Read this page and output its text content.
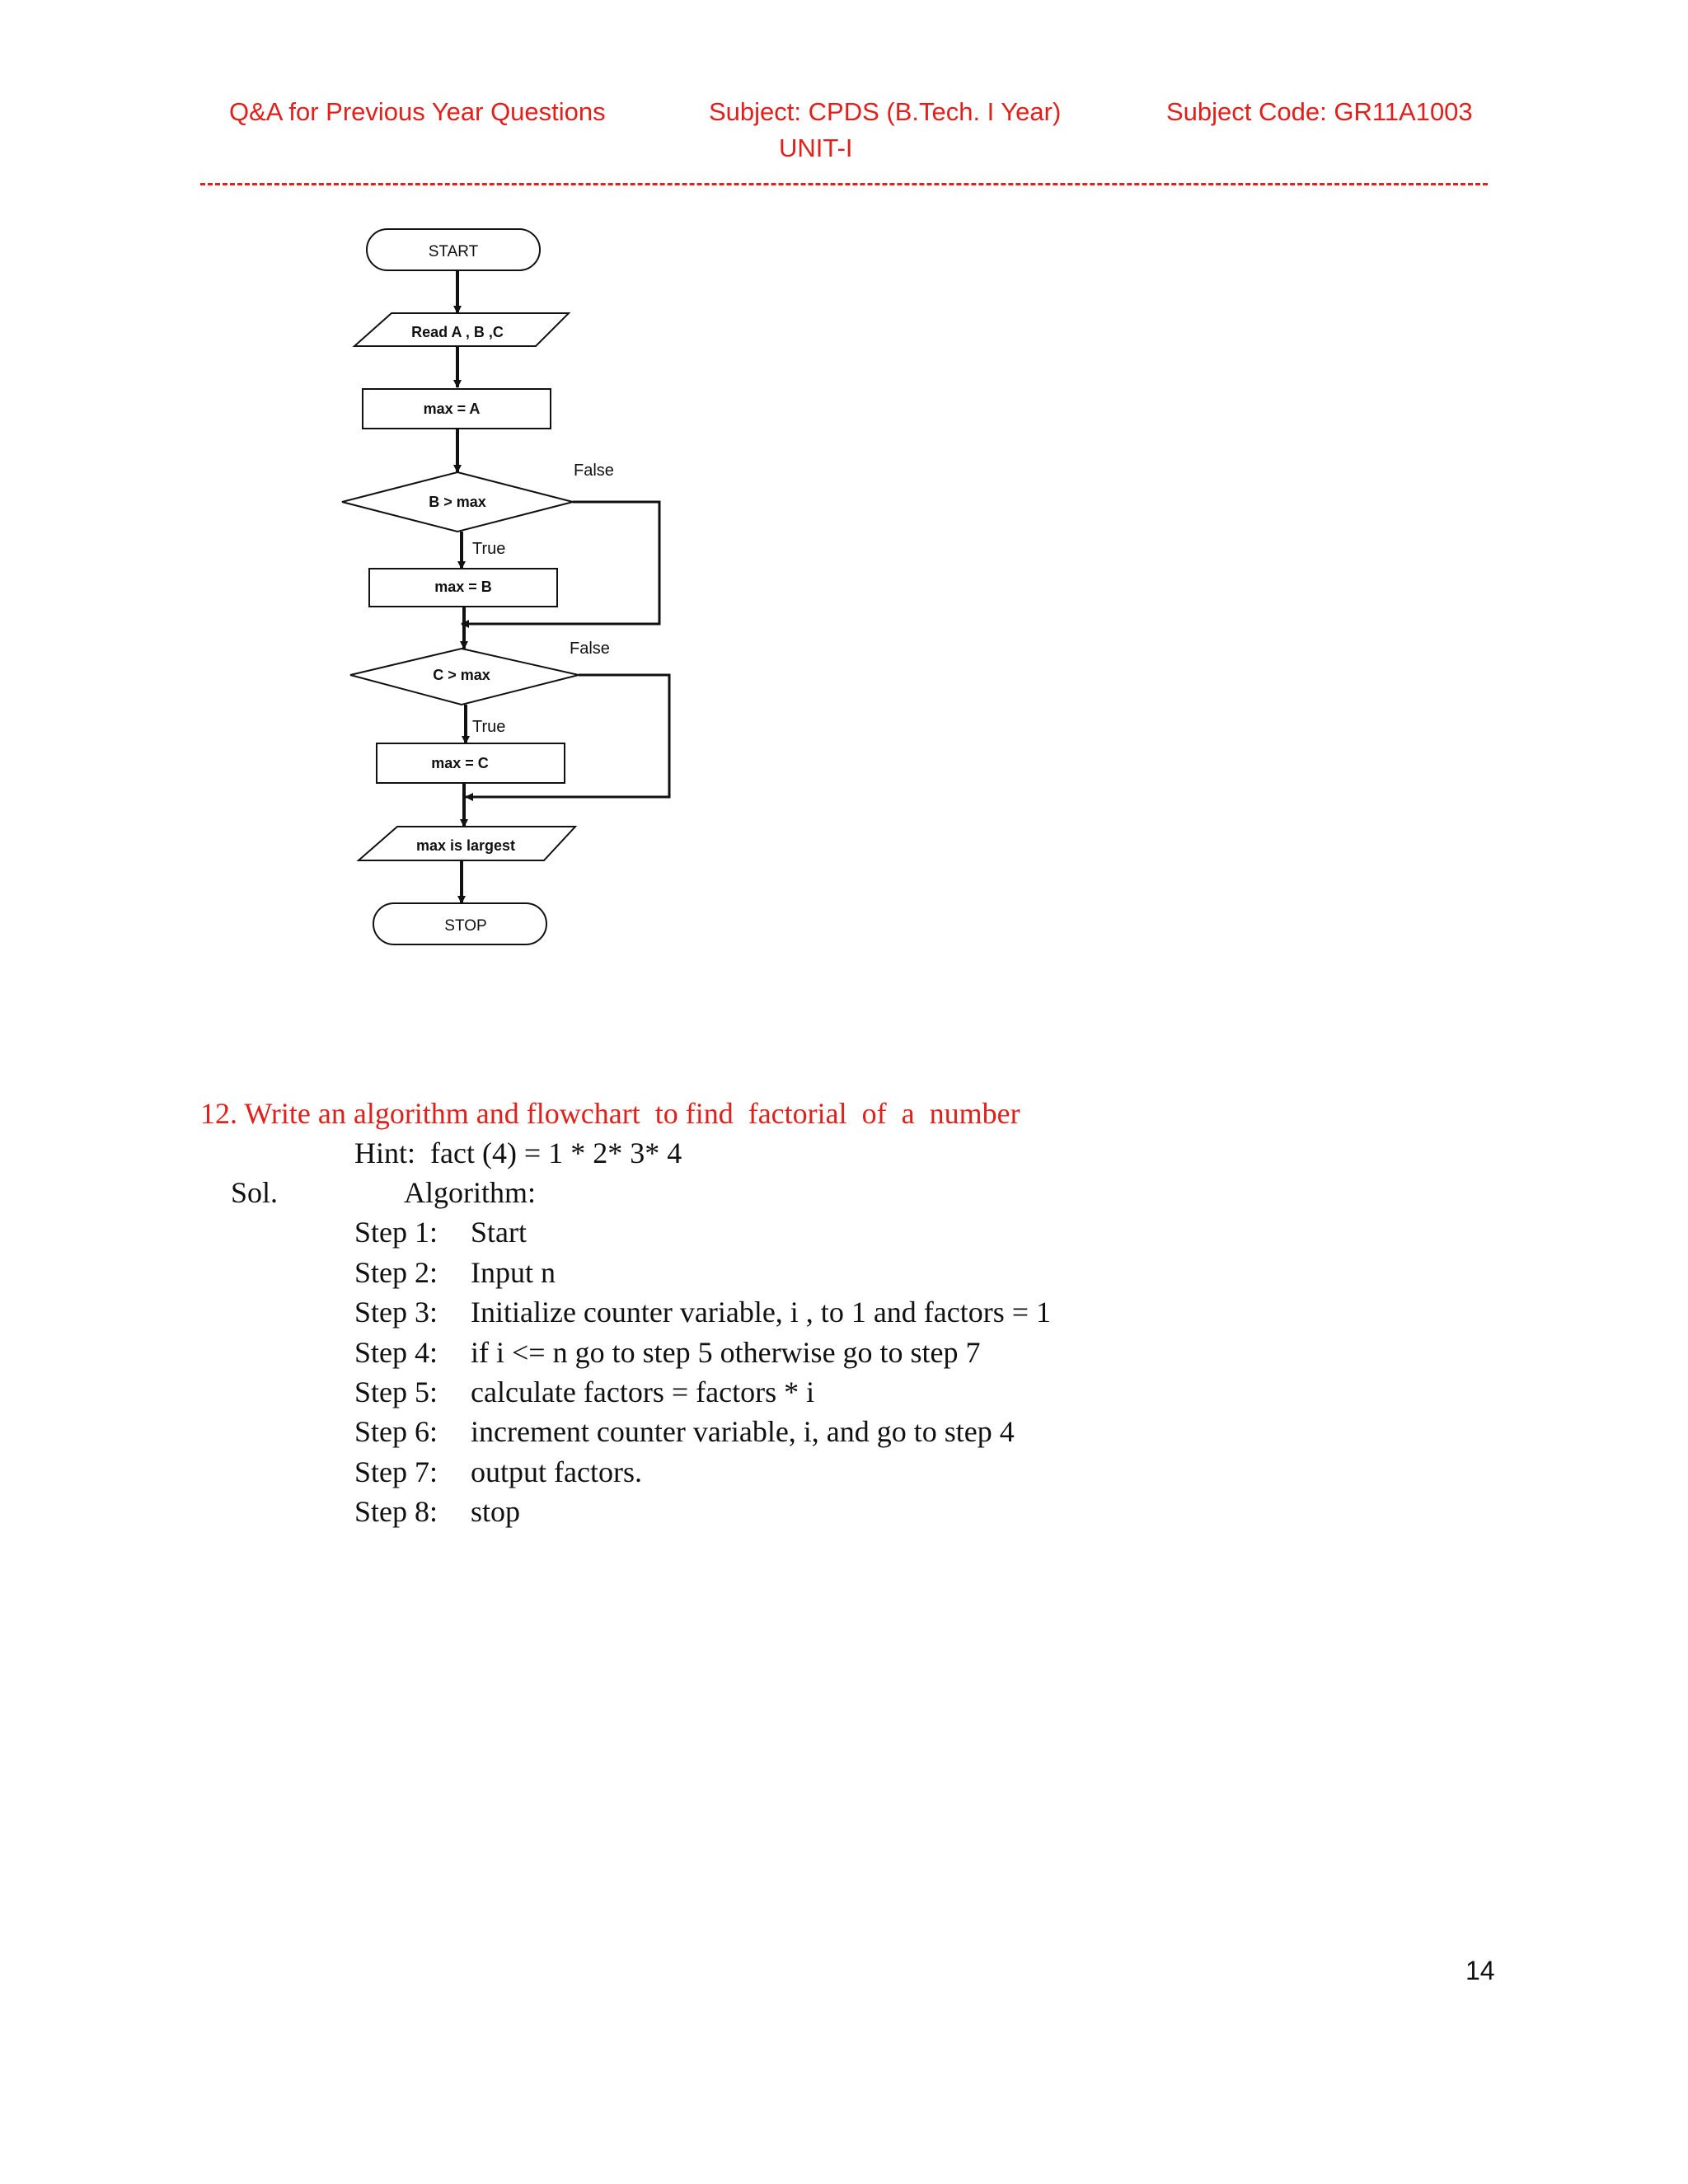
Q&A for Previous Year Questions	Subject: CPDS (B.Tech. I Year)	Subject Code: GR11A1003
UNIT-I
START
Read A , B ,C
max = A
B > max
False
True
max = B
C > max
False
True
max = C
max is largest
STOP
12. Write an algorithm and flowchart  to find  factorial  of  a  number
Hint:  fact (4) = 1 * 2* 3* 4
Sol.	Algorithm:
Step 1: Start
Step 2: Input n
Step 3: Initialize counter variable, i , to 1 and factors = 1
Step 4: if i <= n go to step 5 otherwise go to step 7
Step 5: calculate factors = factors * i
Step 6: increment counter variable, i, and go to step 4
Step 7: output factors.
Step 8: stop
14
